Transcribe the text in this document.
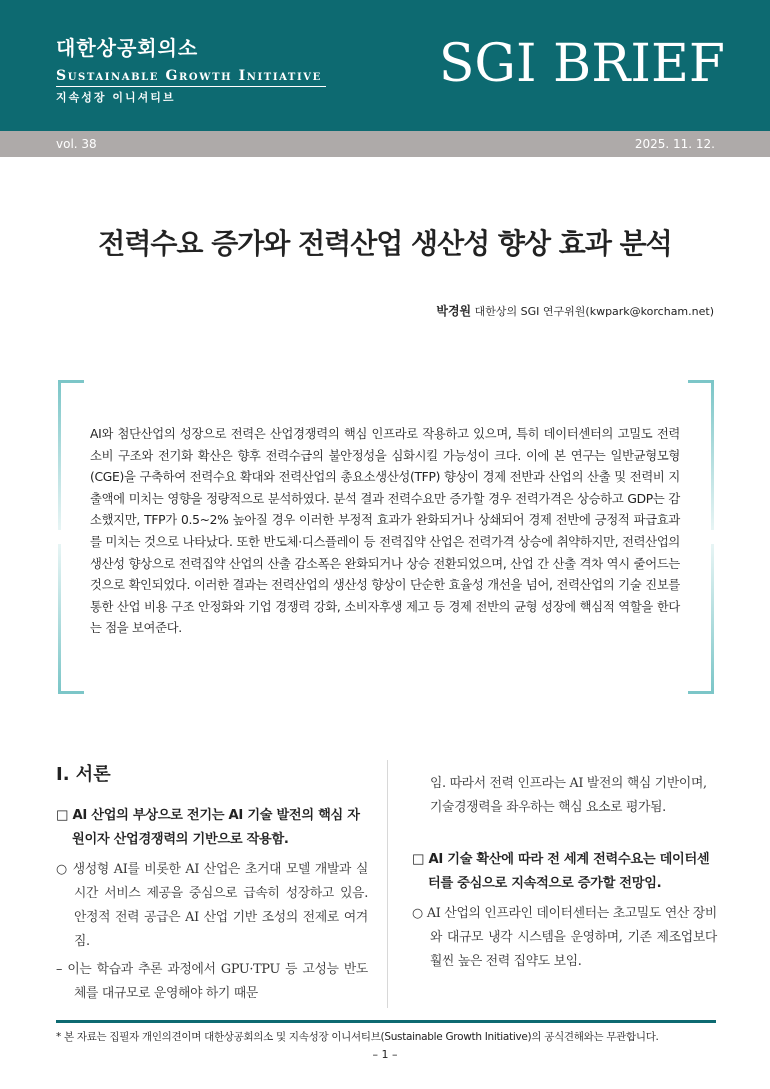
대한상공회의소
Sustainable Growth Initiative
지속성장 이니셔티브
SGI BRIEF
vol. 38	2025. 11. 12.
전력수요 증가와 전력산업 생산성 향상 효과 분석
박경원 대한상의 SGI 연구위원(kwpark@korcham.net)

AI와 첨단산업의 성장으로 전력은 산업경쟁력의 핵심 인프라로 작용하고 있으며, 특히 데이터센터의 고밀도 전력소비 구조와 전기화 확산은 향후 전력수급의 불안정성을 심화시킬 가능성이 크다. 이에 본 연구는 일반균형모형(CGE)을 구축하여 전력수요 확대와 전력산업의 총요소생산성(TFP) 향상이 경제 전반과 산업의 산출 및 전력비 지출액에 미치는 영향을 정량적으로 분석하였다. 분석 결과 전력수요만 증가할 경우 전력가격은 상승하고 GDP는 감소했지만, TFP가 0.5~2% 높아질 경우 이러한 부정적 효과가 완화되거나 상쇄되어 경제 전반에 긍정적 파급효과를 미치는 것으로 나타났다. 또한 반도체·디스플레이 등 전력집약 산업은 전력가격 상승에 취약하지만, 전력산업의 생산성 향상으로 전력집약 산업의 산출 감소폭은 완화되거나 상승 전환되었으며, 산업 간 산출 격차 역시 줄어드는 것으로 확인되었다. 이러한 결과는 전력산업의 생산성 향상이 단순한 효율성 개선을 넘어, 전력산업의 기술 진보를 통한 산업 비용 구조 안정화와 기업 경쟁력 강화, 소비자후생 제고 등 경제 전반의 균형 성장에 핵심적 역할을 한다는 점을 보여준다.

Ⅰ. 서론

□ AI 산업의 부상으로 전기는 AI 기술 발전의 핵심 자원이자 산업경쟁력의 기반으로 작용함.

○ 생성형 AI를 비롯한 AI 산업은 초거대 모델 개발과 실시간 서비스 제공을 중심으로 급속히 성장하고 있음. 안정적 전력 공급은 AI 산업 기반 조성의 전제로 여겨짐.

– 이는 학습과 추론 과정에서 GPU·TPU 등 고성능 반도체를 대규모로 운영해야 하기 때문

임. 따라서 전력 인프라는 AI 발전의 핵심 기반이며, 기술경쟁력을 좌우하는 핵심 요소로 평가됨.

□ AI 기술 확산에 따라 전 세계 전력수요는 데이터센터를 중심으로 지속적으로 증가할 전망임.

○ AI 산업의 인프라인 데이터센터는 초고밀도 연산 장비와 대규모 냉각 시스템을 운영하며, 기존 제조업보다 훨씬 높은 전력 집약도 보임.

* 본 자료는 집필자 개인의견이며 대한상공회의소 및 지속성장 이니셔티브(Sustainable Growth Initiative)의 공식견해와는 무관합니다.
– 1 –
